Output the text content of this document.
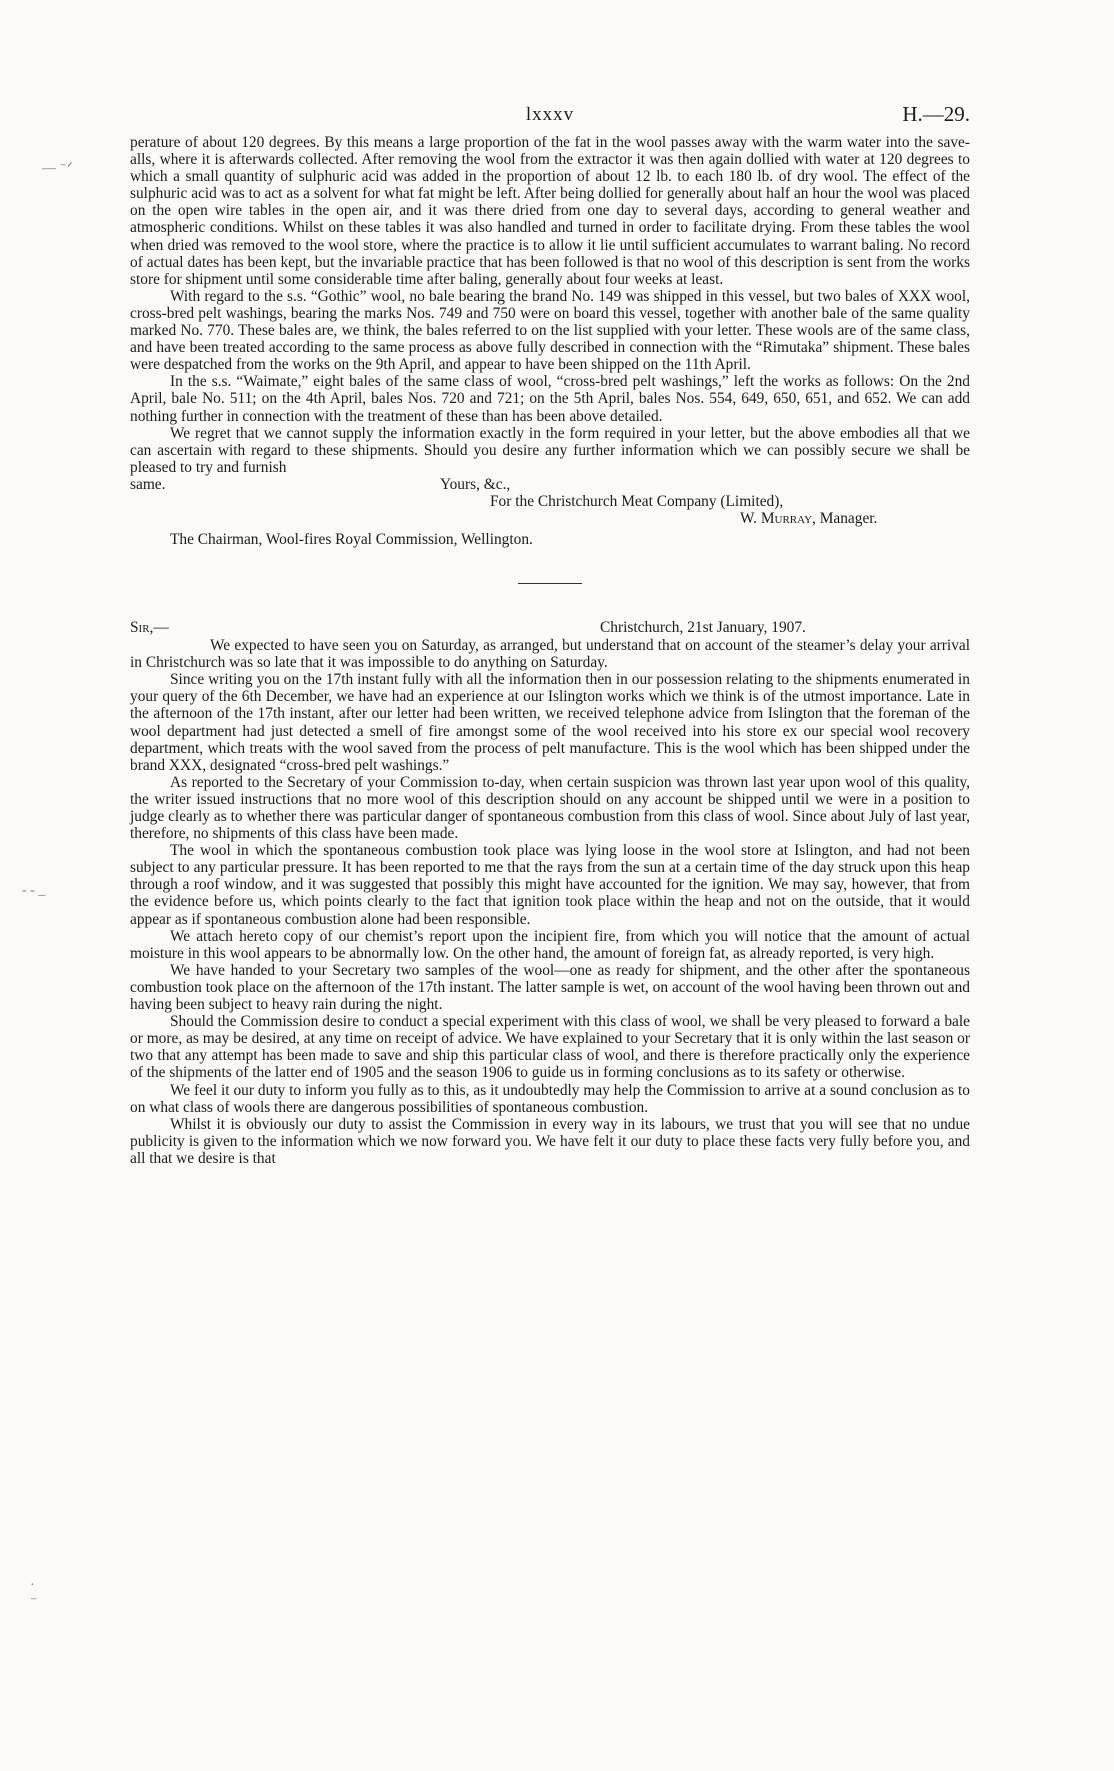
— ⁻ᐟ
- - _
·
⁻
lxxxv	H.—29.

perature of about 120 degrees. By this means a large proportion of the fat in the wool passes away with the warm water into the save-alls, where it is afterwards collected. After removing the wool from the extractor it was then again dollied with water at 120 degrees to which a small quantity of sulphuric acid was added in the proportion of about 12 lb. to each 180 lb. of dry wool. The effect of the sulphuric acid was to act as a solvent for what fat might be left. After being dollied for generally about half an hour the wool was placed on the open wire tables in the open air, and it was there dried from one day to several days, according to general weather and atmospheric conditions. Whilst on these tables it was also handled and turned in order to facilitate drying. From these tables the wool when dried was removed to the wool store, where the practice is to allow it lie until sufficient accumulates to warrant baling. No record of actual dates has been kept, but the invariable practice that has been followed is that no wool of this description is sent from the works store for shipment until some considerable time after baling, generally about four weeks at least.

With regard to the s.s. “Gothic” wool, no bale bearing the brand No. 149 was shipped in this vessel, but two bales of XXX wool, cross-bred pelt washings, bearing the marks Nos. 749 and 750 were on board this vessel, together with another bale of the same quality marked No. 770. These bales are, we think, the bales referred to on the list supplied with your letter. These wools are of the same class, and have been treated according to the same process as above fully described in connection with the “Rimutaka” shipment. These bales were despatched from the works on the 9th April, and appear to have been shipped on the 11th April.

In the s.s. “Waimate,” eight bales of the same class of wool, “cross-bred pelt washings,” left the works as follows: On the 2nd April, bale No. 511; on the 4th April, bales Nos. 720 and 721; on the 5th April, bales Nos. 554, 649, 650, 651, and 652. We can add nothing further in connection with the treatment of these than has been above detailed.

We regret that we cannot supply the information exactly in the form required in your letter, but the above embodies all that we can ascertain with regard to these shipments. Should you desire any further information which we can possibly secure we shall be pleased to try and furnish

same.	Yours, &c.,
For the Christchurch Meat Company (Limited),
W. Murray, Manager.
The Chairman, Wool-fires Royal Commission, Wellington.
Sir,—	Christchurch, 21st January, 1907.

We expected to have seen you on Saturday, as arranged, but understand that on account of the steamer’s delay your arrival in Christchurch was so late that it was impossible to do anything on Saturday.

Since writing you on the 17th instant fully with all the information then in our possession relating to the shipments enumerated in your query of the 6th December, we have had an experience at our Islington works which we think is of the utmost importance. Late in the afternoon of the 17th instant, after our letter had been written, we received telephone advice from Islington that the foreman of the wool department had just detected a smell of fire amongst some of the wool received into his store ex our special wool recovery department, which treats with the wool saved from the process of pelt manufacture. This is the wool which has been shipped under the brand XXX, designated “cross-bred pelt washings.”

As reported to the Secretary of your Commission to-day, when certain suspicion was thrown last year upon wool of this quality, the writer issued instructions that no more wool of this description should on any account be shipped until we were in a position to judge clearly as to whether there was particular danger of spontaneous combustion from this class of wool. Since about July of last year, therefore, no shipments of this class have been made.

The wool in which the spontaneous combustion took place was lying loose in the wool store at Islington, and had not been subject to any particular pressure. It has been reported to me that the rays from the sun at a certain time of the day struck upon this heap through a roof window, and it was suggested that possibly this might have accounted for the ignition. We may say, however, that from the evidence before us, which points clearly to the fact that ignition took place within the heap and not on the outside, that it would appear as if spontaneous combustion alone had been responsible.

We attach hereto copy of our chemist’s report upon the incipient fire, from which you will notice that the amount of actual moisture in this wool appears to be abnormally low. On the other hand, the amount of foreign fat, as already reported, is very high.

We have handed to your Secretary two samples of the wool—one as ready for shipment, and the other after the spontaneous combustion took place on the afternoon of the 17th instant. The latter sample is wet, on account of the wool having been thrown out and having been subject to heavy rain during the night.

Should the Commission desire to conduct a special experiment with this class of wool, we shall be very pleased to forward a bale or more, as may be desired, at any time on receipt of advice. We have explained to your Secretary that it is only within the last season or two that any attempt has been made to save and ship this particular class of wool, and there is therefore practically only the experience of the shipments of the latter end of 1905 and the season 1906 to guide us in forming conclusions as to its safety or otherwise.

We feel it our duty to inform you fully as to this, as it undoubtedly may help the Commission to arrive at a sound conclusion as to on what class of wools there are dangerous possibilities of spontaneous combustion.

Whilst it is obviously our duty to assist the Commission in every way in its labours, we trust that you will see that no undue publicity is given to the information which we now forward you. We have felt it our duty to place these facts very fully before you, and all that we desire is that
